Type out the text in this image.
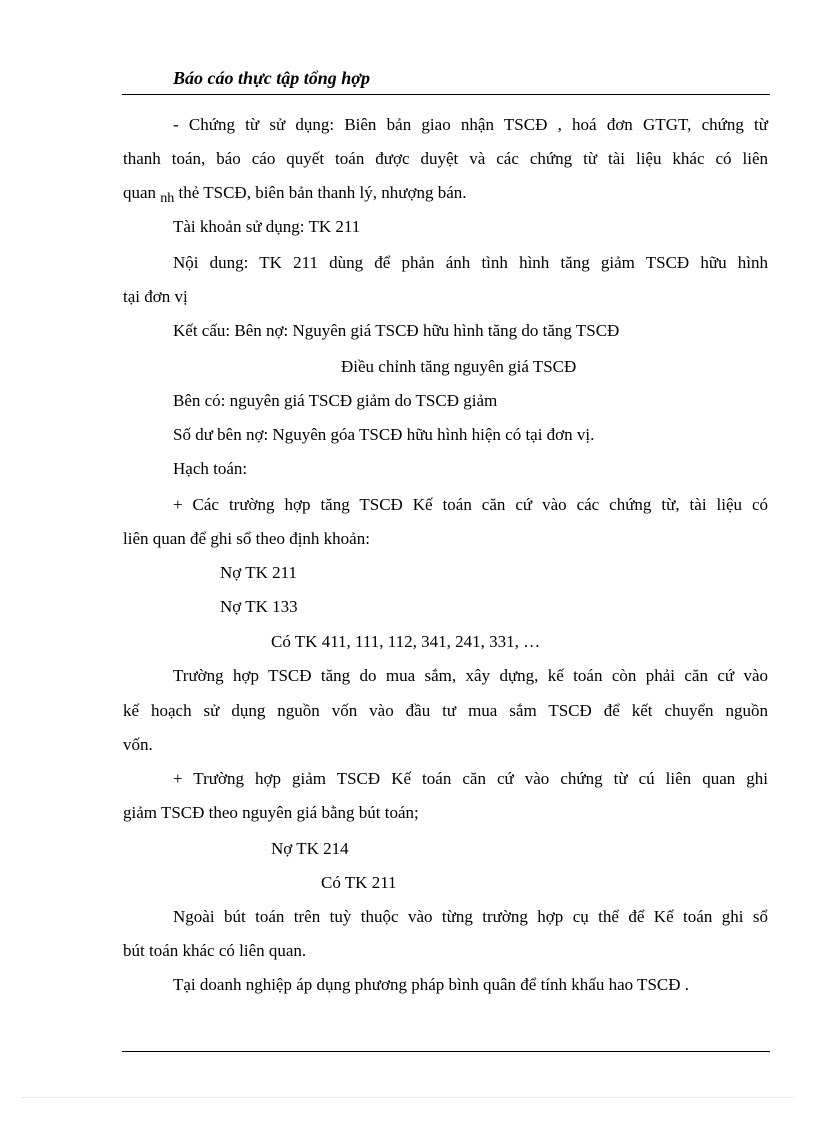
Báo cáo thực tập tổng hợp
- Chứng từ sử dụng: Biên bản giao nhận TSCĐ , hoá đơn GTGT, chứng từ
thanh toán, báo cáo quyết toán được duyệt và các chứng từ tài liệu khác có liên
quan $_{nh}$ thẻ TSCĐ, biên bản thanh lý, nhượng bán.
Tài khoản sử dụng: TK 211
Nội dung: TK 211 dùng để phản ánh tình hình tăng giảm TSCĐ hữu hình
tại đơn vị
Kết cấu: Bên nợ: Nguyên giá TSCĐ hữu hình tăng do tăng TSCĐ
Điều chỉnh tăng nguyên giá TSCĐ
Bên có: nguyên giá TSCĐ giảm do TSCĐ giảm
Số dư bên nợ: Nguyên góa TSCĐ hữu hình hiện có tại đơn vị.
Hạch toán:
+ Các trường hợp tăng TSCĐ Kế toán căn cứ vào các chứng từ, tài liệu có
liên quan để ghi sổ theo định khoản:
Nợ TK 211
Nợ TK 133
Có TK 411, 111, 112, 341, 241, 331, …
Trường hợp TSCĐ tăng do mua sắm, xây dựng, kế toán còn phải căn cứ vào
kế hoạch sử dụng nguồn vốn vào đầu tư mua sắm TSCĐ để kết chuyển nguồn
vốn.
+ Trường hợp giảm TSCĐ Kế toán căn cứ vào chứng từ cú liên quan ghi
giảm TSCĐ theo nguyên giá bằng bút toán;
Nợ TK 214
Có TK 211
Ngoài bút toán trên tuỳ thuộc vào từng trường hợp cụ thể để Kế toán ghi sổ
bút toán khác có liên quan.
Tại doanh nghiệp áp dụng phương pháp bình quân để tính khấu hao TSCĐ .
